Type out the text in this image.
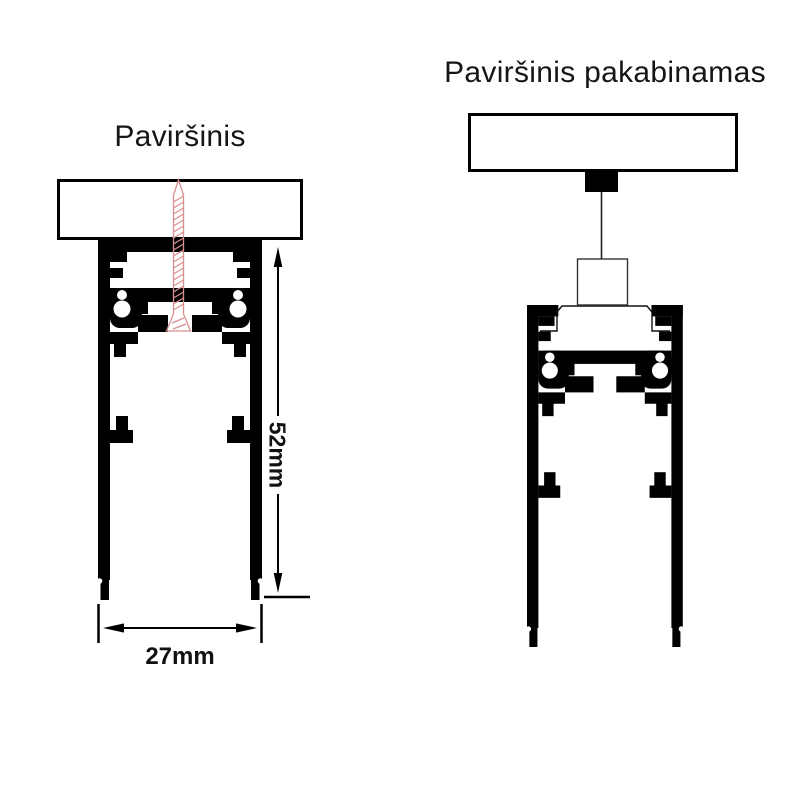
Paviršinis
Paviršinis pakabinamas
52mm
27mm
